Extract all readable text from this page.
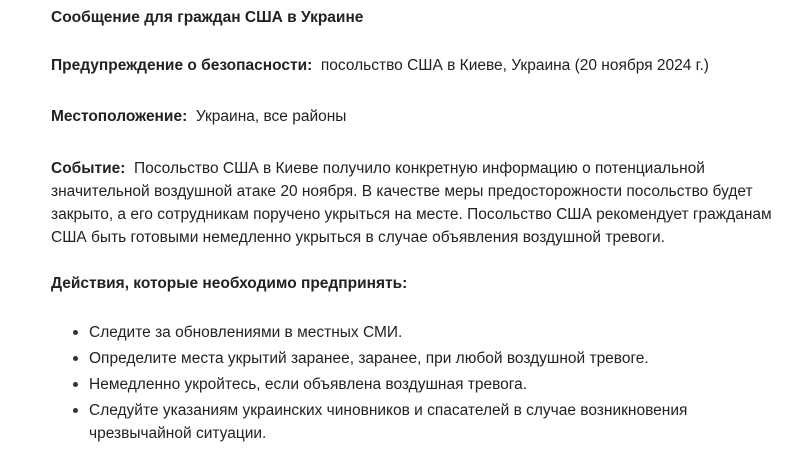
Сообщение для граждан США в Украине

Предупреждение о безопасности: посольство США в Киеве, Украина (20 ноября 2024 г.)

Местоположение: Украина, все районы

Событие: Посольство США в Киеве получило конкретную информацию о потенциальной значительной воздушной атаке 20 ноября. В качестве меры предосторожности посольство будет закрыто, а его сотрудникам поручено укрыться на месте. Посольство США рекомендует гражданам США быть готовыми немедленно укрыться в случае объявления воздушной тревоги.

Действия, которые необходимо предпринять:

Следите за обновлениями в местных СМИ.
Определите места укрытий заранее, заранее, при любой воздушной тревоге.
Немедленно укройтесь, если объявлена воздушная тревога.
Следуйте указаниям украинских чиновников и спасателей в случае возникновения чрезвычайной ситуации.
